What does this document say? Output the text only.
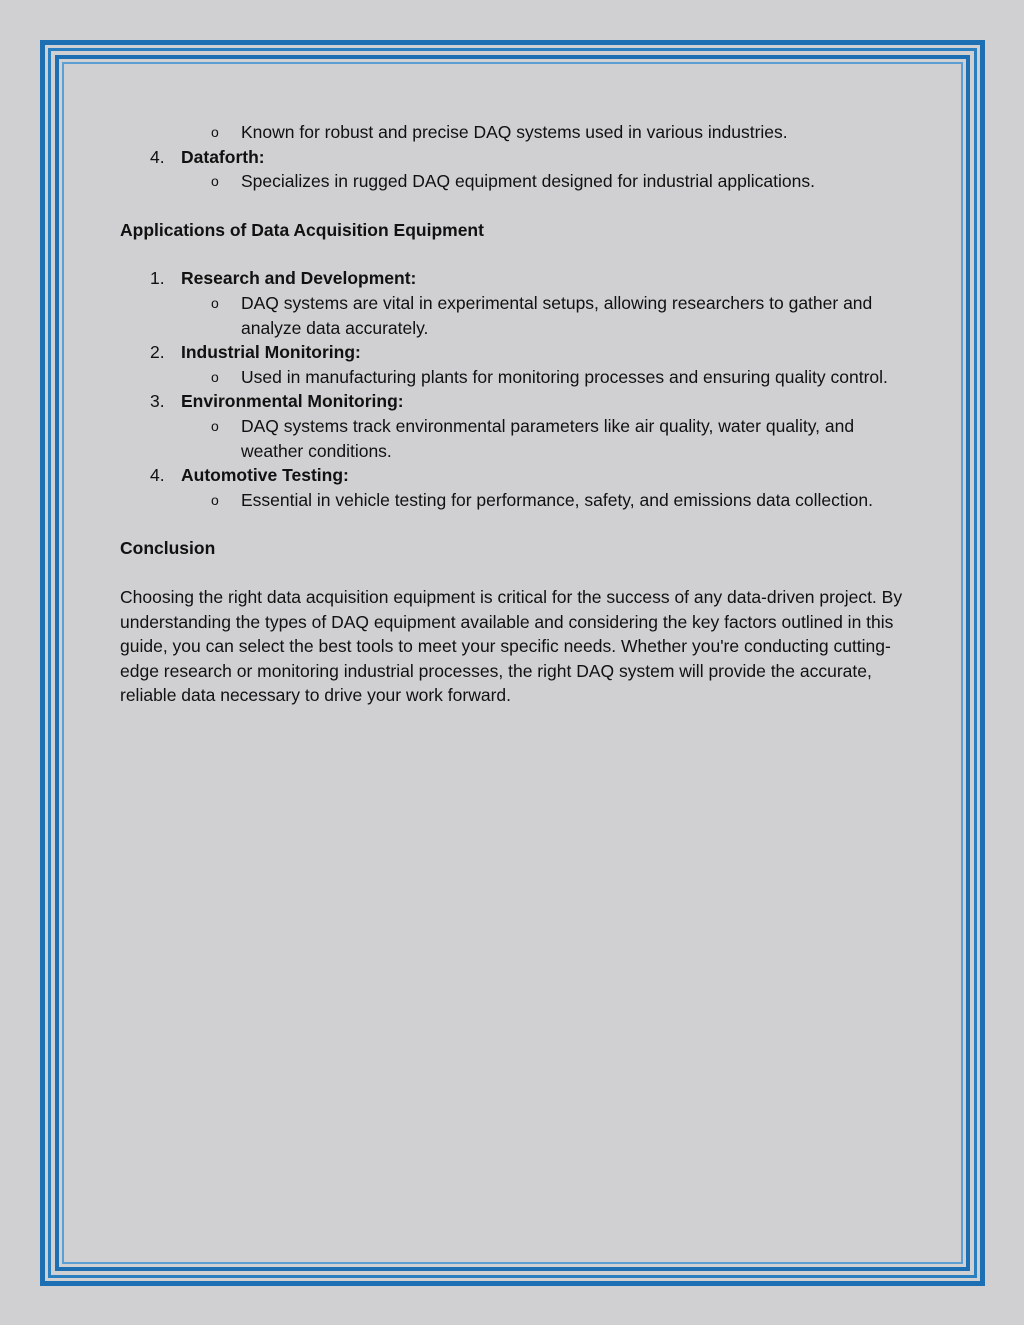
o Known for robust and precise DAQ systems used in various industries.
4. Dataforth:
o Specializes in rugged DAQ equipment designed for industrial applications.
Applications of Data Acquisition Equipment
1. Research and Development:
o DAQ systems are vital in experimental setups, allowing researchers to gather and analyze data accurately.
2. Industrial Monitoring:
o Used in manufacturing plants for monitoring processes and ensuring quality control.
3. Environmental Monitoring:
o DAQ systems track environmental parameters like air quality, water quality, and weather conditions.
4. Automotive Testing:
o Essential in vehicle testing for performance, safety, and emissions data collection.
Conclusion

Choosing the right data acquisition equipment is critical for the success of any data-driven project. By understanding the types of DAQ equipment available and considering the key factors outlined in this guide, you can select the best tools to meet your specific needs. Whether you're conducting cutting-edge research or monitoring industrial processes, the right DAQ system will provide the accurate, reliable data necessary to drive your work forward.
